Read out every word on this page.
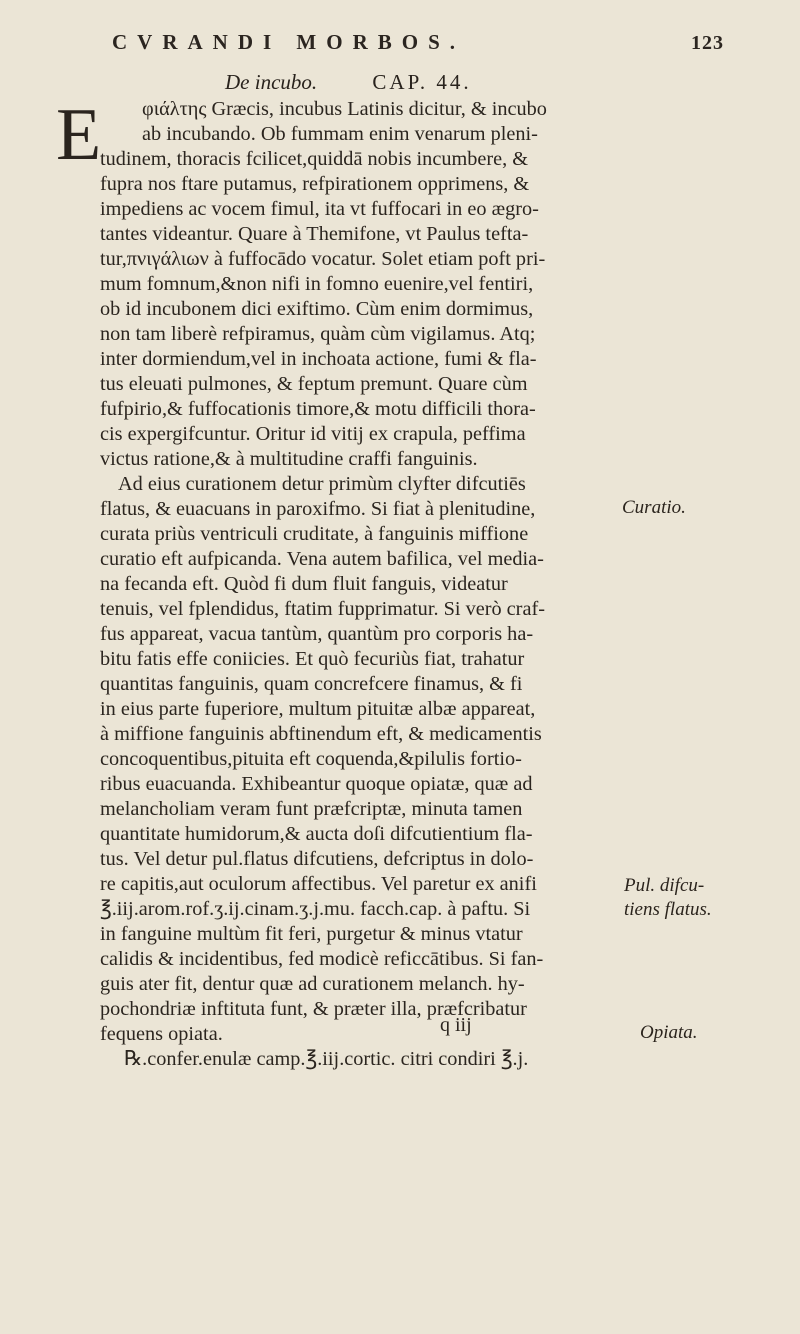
CVRANDI MORBOS.	123
De incubo.	CAP. 44.
E φιάλτης Græcis, incubus Latinis dicitur, & incubo
ab incubando. Ob fummam enim venarum pleni-
tudinem, thoracis fcilicet,quiddā nobis incumbere, &
fupra nos ftare putamus, refpirationem opprimens, &
impediens ac vocem fimul, ita vt fuffocari in eo ægro-
tantes videantur. Quare à Themifone, vt Paulus tefta-
tur,πνιγάλιων à fuffocādo vocatur. Solet etiam poft pri-
mum fomnum,&non nifi in fomno euenire,vel fentiri,
ob id incubonem dici exiftimo. Cùm enim dormimus,
non tam liberè refpiramus, quàm cùm vigilamus. Atq;
inter dormiendum,vel in inchoata actione, fumi & fla-
tus eleuati pulmones, & feptum premunt. Quare cùm
fufpirio,& fuffocationis timore,& motu difficili thora-
cis expergifcuntur. Oritur id vitij ex crapula, peffima
victus ratione,& à multitudine craffi fanguinis.
Ad eius curationem detur primùm clyfter difcutiēs
flatus, & euacuans in paroxifmo. Si fiat à plenitudine,
curata priùs ventriculi cruditate, à fanguinis miffione
curatio eft aufpicanda. Vena autem bafilica, vel media-
na fecanda eft. Quòd fi dum fluit fanguis, videatur
tenuis, vel fplendidus, ftatim fupprimatur. Si verò craf-
fus appareat, vacua tantùm, quantùm pro corporis ha-
bitu fatis effe coniicies. Et quò fecuriùs fiat, trahatur
quantitas fanguinis, quam concrefcere finamus, & fi
in eius parte fuperiore, multum pituitæ albæ appareat,
à miffione fanguinis abftinendum eft, & medicamentis
concoquentibus,pituita eft coquenda,&pilulis fortio-
ribus euacuanda. Exhibeantur quoque opiatæ, quæ ad
melancholiam veram funt præfcriptæ, minuta tamen
quantitate humidorum,& aucta doſi difcutientium fla-
tus. Vel detur pul.flatus difcutiens, defcriptus in dolo-
re capitis,aut oculorum affectibus. Vel paretur ex anifi
℥.iij.arom.rof.ʒ.ij.cinam.ʒ.j.mu. facch.cap. à paftu. Si
in fanguine multùm fit feri, purgetur & minus vtatur
calidis & incidentibus, fed modicè reficcātibus. Si fan-
guis ater fit, dentur quæ ad curationem melanch. hy-
pochondriæ inftituta funt, & præter illa, præfcribatur
fequens opiata.
℞.confer.enulæ camp.℥.iij.cortic. citri condiri ℥.j.
Curatio.
Pul. difcu-
tiens flatus.
Opiata.
q iij
